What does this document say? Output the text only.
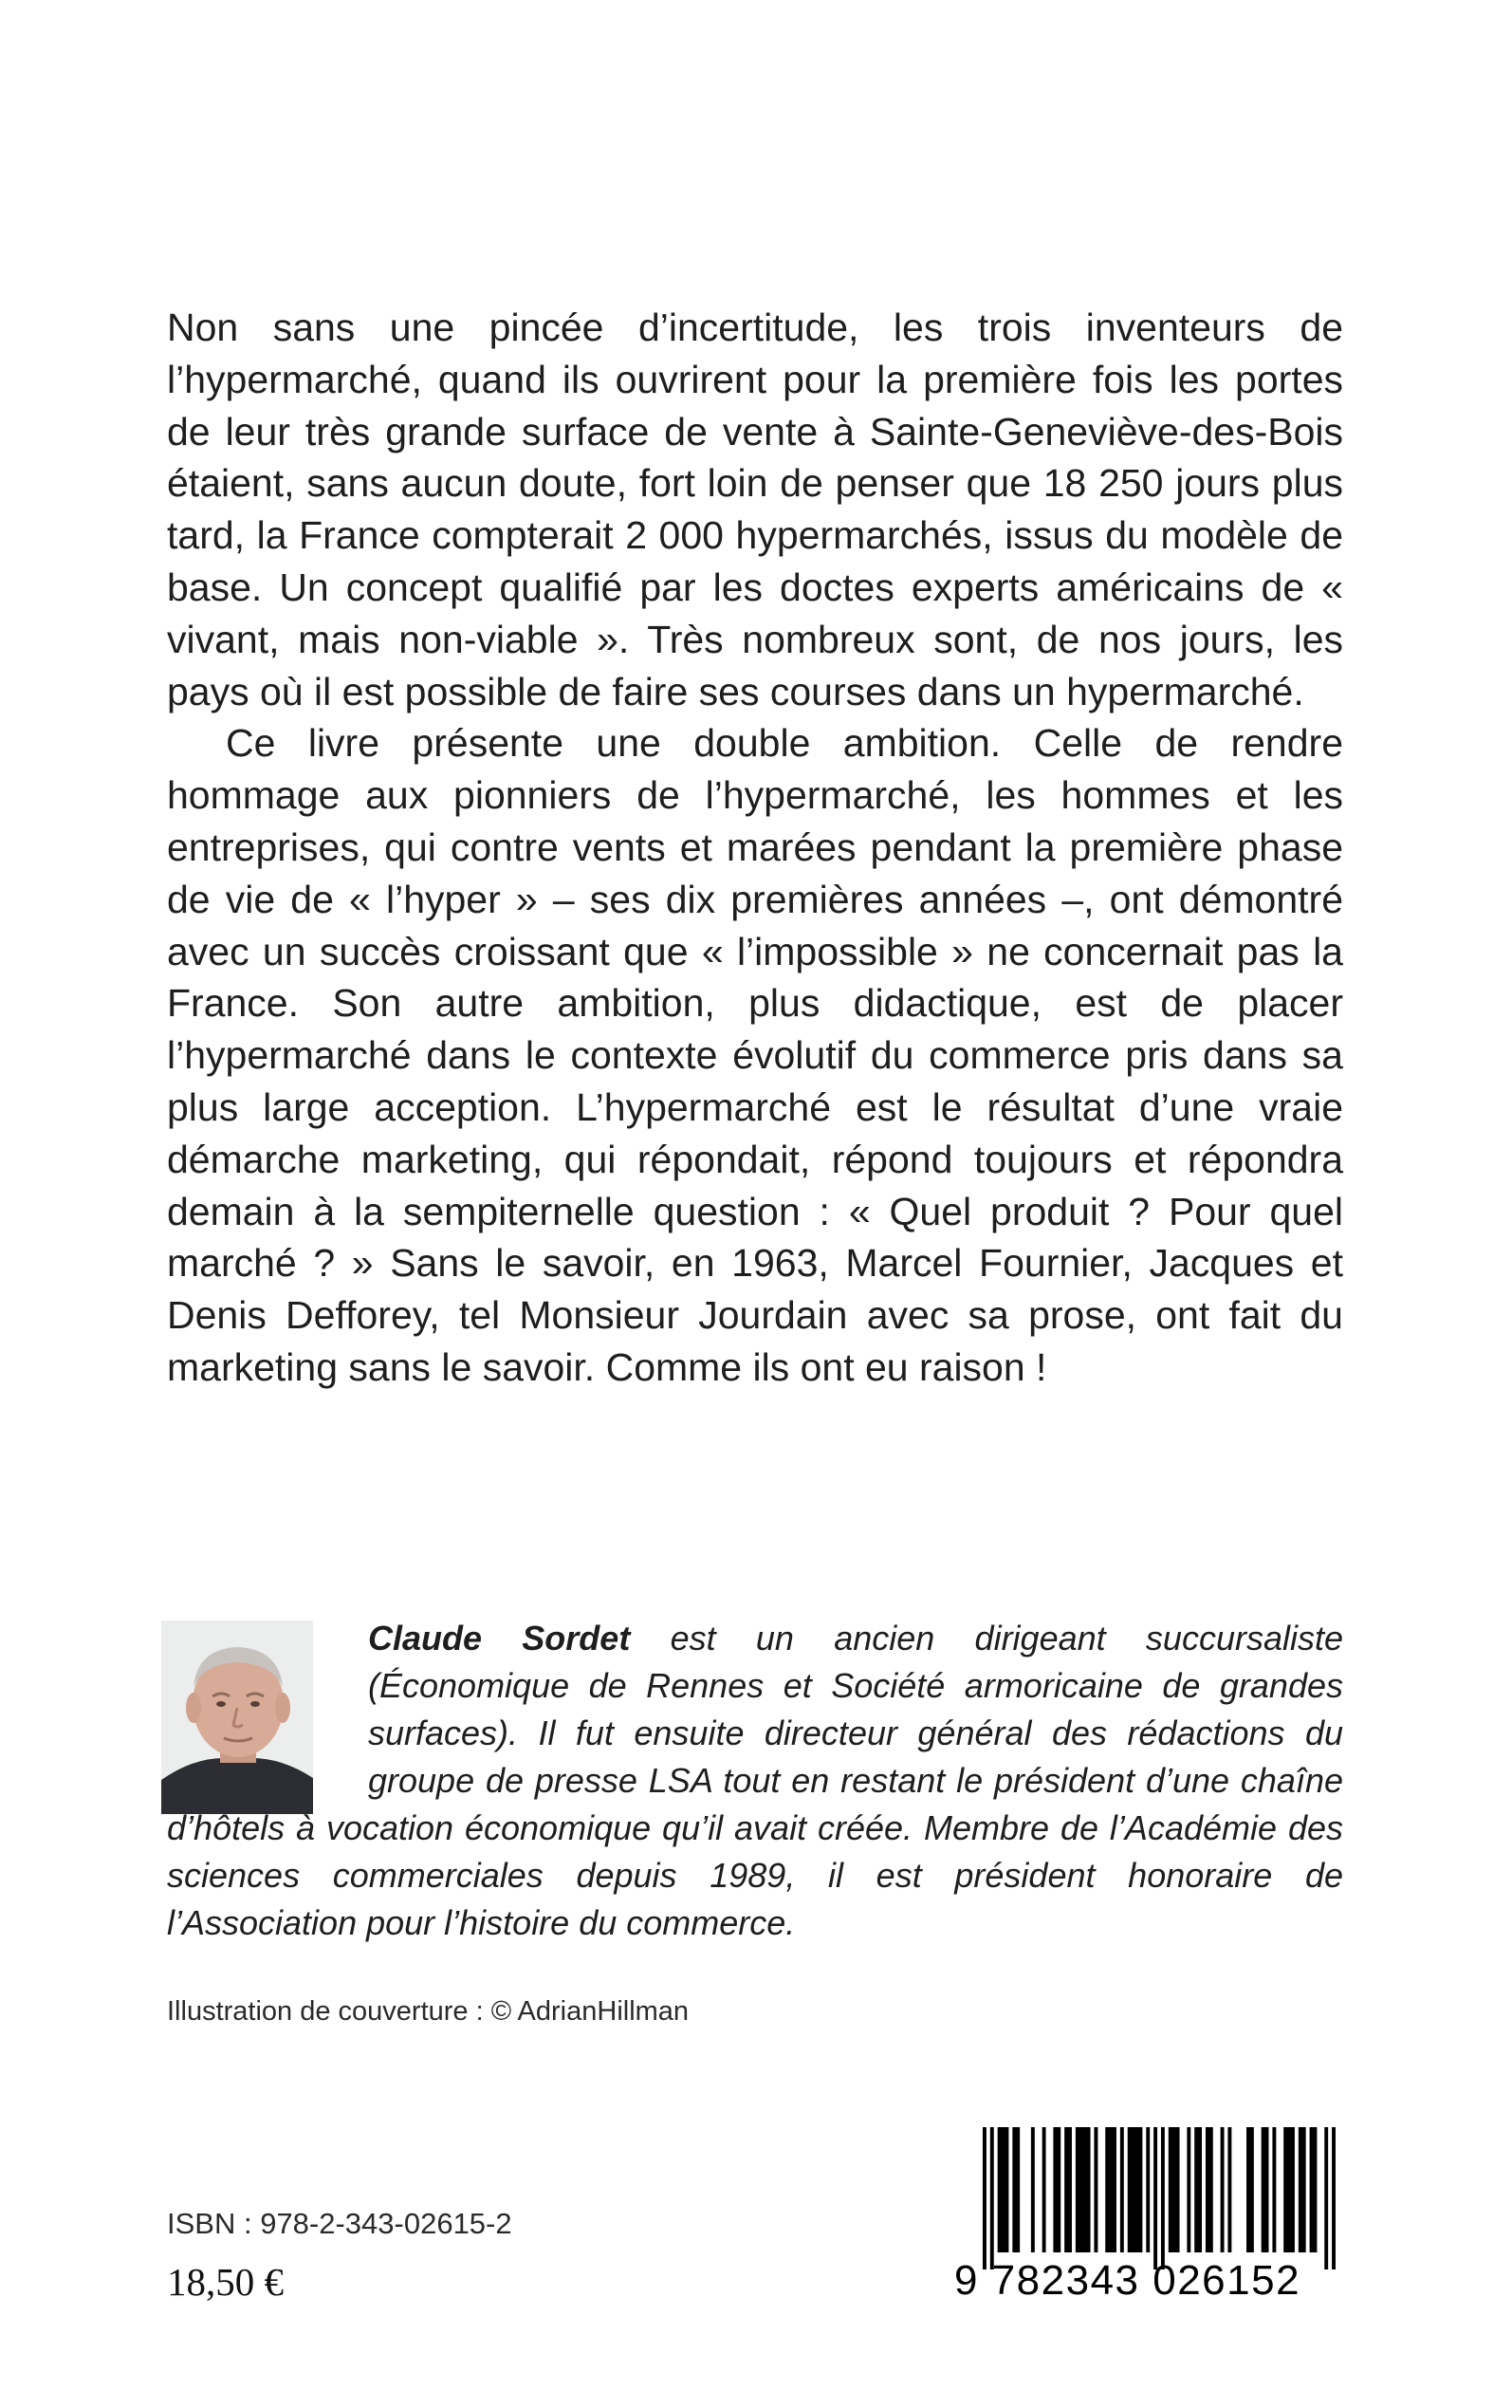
Non sans une pincée d’incertitude, les trois inventeurs de l’hypermarché, quand ils ouvrirent pour la première fois les portes de leur très grande surface de vente à Sainte-Geneviève-des-Bois étaient, sans aucun doute, fort loin de penser que 18 250 jours plus tard, la France compterait 2 000 hypermarchés, issus du modèle de base. Un concept qualifié par les doctes experts américains de « vivant, mais non-viable ». Très nombreux sont, de nos jours, les pays où il est possible de faire ses courses dans un hypermarché.

Ce livre présente une double ambition. Celle de rendre hommage aux pionniers de l’hypermarché, les hommes et les entreprises, qui contre vents et marées pendant la première phase de vie de « l’hyper » – ses dix premières années –, ont démontré avec un succès croissant que « l’impossible » ne concernait pas la France. Son autre ambition, plus didactique, est de placer l’hypermarché dans le contexte évolutif du commerce pris dans sa plus large acception. L’hypermarché est le résultat d’une vraie démarche marketing, qui répondait, répond toujours et répondra demain à la sempiternelle question : « Quel produit ? Pour quel marché ? » Sans le savoir, en 1963, Marcel Fournier, Jacques et Denis Defforey, tel Monsieur Jourdain avec sa prose, ont fait du marketing sans le savoir. Comme ils ont eu raison !

Claude Sordet est un ancien dirigeant succursaliste (Économique de Rennes et Société armoricaine de grandes surfaces). Il fut ensuite directeur général des rédactions du groupe de presse LSA tout en restant le président d’une chaîne d’hôtels à vocation économique qu’il avait créée. Membre de l’Académie des sciences commerciales depuis 1989, il est président honoraire de l’Association pour l’histoire du commerce.
Illustration de couverture : © AdrianHillman
ISBN : 978-2-343-02615-2
18,50 €	9 782343 026152
